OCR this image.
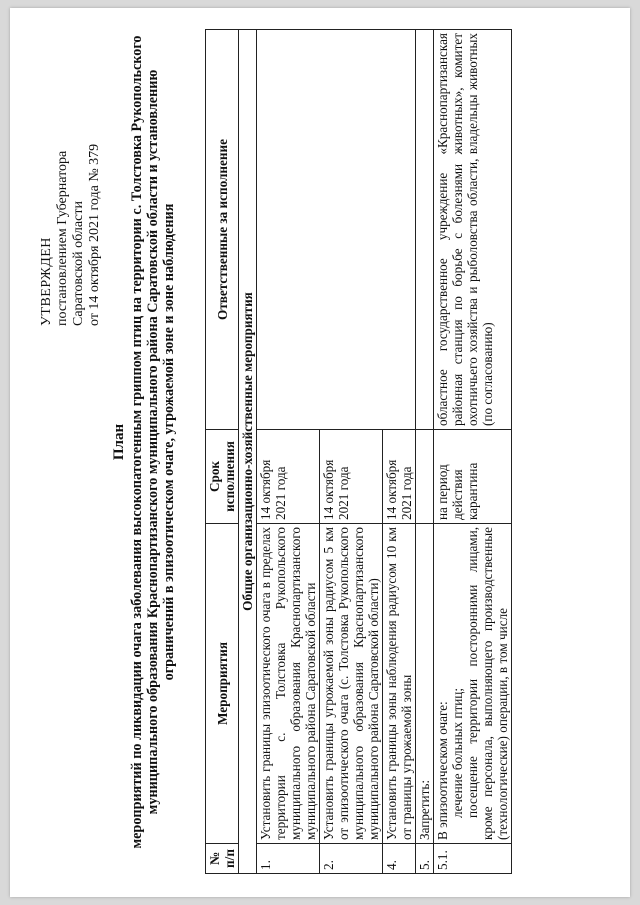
УТВЕРЖДЕН постановлением Губернатора Саратовской области от 14 октября 2021 года № 379
План мероприятий по ликвидации очага заболевания высокопатогенным гриппом птиц на территории с. Толстовка Рукопольского муниципального образования Краснопартизанского муниципального района Саратовской области и установлению ограничений в эпизоотическом очаге, угрожаемой зоне и зоне наблюдения
№ п/п	Мероприятия	Срок исполнения	Ответственные за исполнение
Общие организационно-хозяйственные мероприятия			
1.	Установить границы эпизоотического очага в пределах территории с. Толстовка Рукопольского муниципального образования Краснопартизанского муниципального района Саратовской области	14 октября 2021 года	
2.	Установить границы угрожаемой зоны радиусом 5 км от эпизоотического очага (с. Толстовка Рукопольского муниципального образования Краснопартизанского муниципального района Саратовской области)	14 октября 2021 года	
4.	Установить границы зоны наблюдения радиусом 10 км от границы угрожаемой зоны	14 октября 2021 года	
5.	Запретить:		
5.1.	В эпизоотическом очаге: лечение больных птиц; посещение территории посторонними лицами, кроме персонала, выполняющего производственные (технологические) операции, в том числе	на период действия карантина	областное государственное учреждение «Краснопартизанская районная станция по борьбе с болезнями животных», комитет охотничьего хозяйства и рыболовства области, владельцы животных (по согласованию)
